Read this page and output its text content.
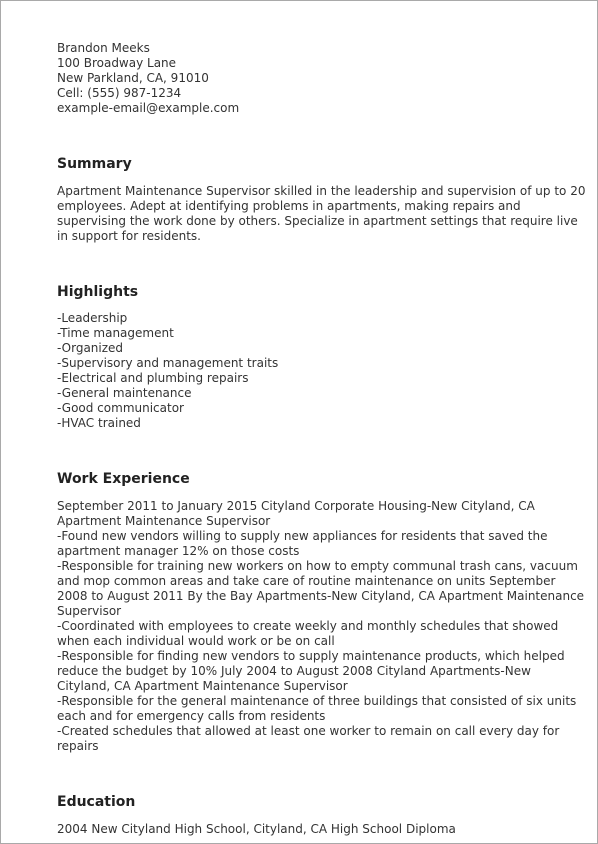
Brandon Meeks
100 Broadway Lane
New Parkland, CA, 91010
Cell: (555) 987-1234
example-email@example.com
Summary

Apartment Maintenance Supervisor skilled in the leadership and supervision of up to 20 employees. Adept at identifying problems in apartments, making repairs and supervising the work done by others. Specialize in apartment settings that require live in support for residents.

Highlights
-Leadership
-Time management
-Organized
-Supervisory and management traits
-Electrical and plumbing repairs
-General maintenance
-Good communicator
-HVAC trained
Work Experience

September 2011 to January 2015 Cityland Corporate Housing-New Cityland, CA Apartment Maintenance Supervisor

-Found new vendors willing to supply new appliances for residents that saved the apartment manager 12% on those costs

-Responsible for training new workers on how to empty communal trash cans, vacuum and mop common areas and take care of routine maintenance on units September 2008 to August 2011 By the Bay Apartments-New Cityland, CA Apartment Maintenance Supervisor

-Coordinated with employees to create weekly and monthly schedules that showed when each individual would work or be on call

-Responsible for finding new vendors to supply maintenance products, which helped reduce the budget by 10% July 2004 to August 2008 Cityland Apartments-New Cityland, CA Apartment Maintenance Supervisor

-Responsible for the general maintenance of three buildings that consisted of six units each and for emergency calls from residents

-Created schedules that allowed at least one worker to remain on call every day for repairs

Education

2004 New Cityland High School, Cityland, CA High School Diploma
